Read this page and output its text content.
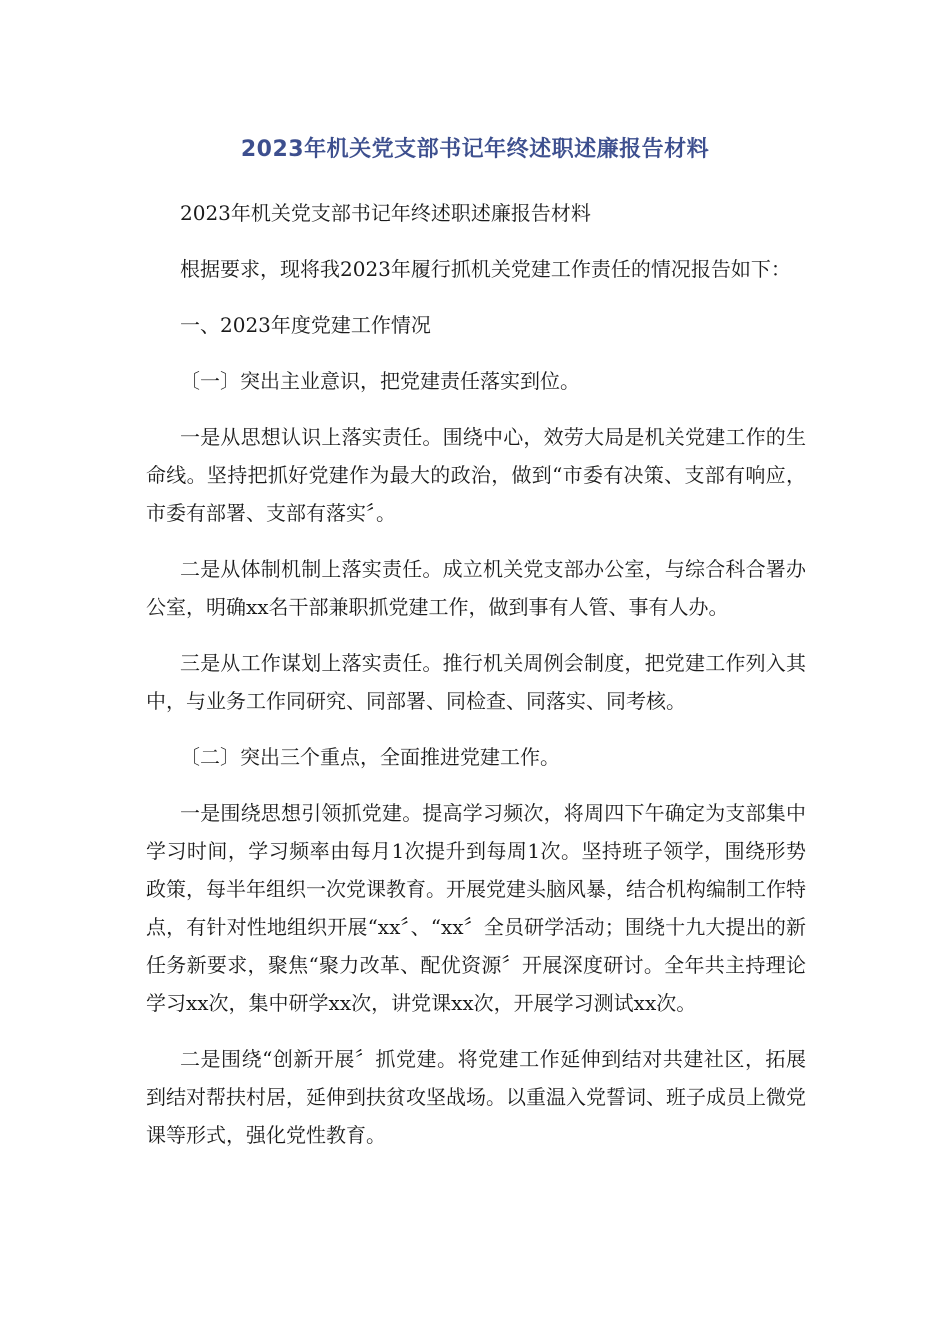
2023年机关党支部书记年终述职述廉报告材料

2023年机关党支部书记年终述职述廉报告材料

根据要求，现将我2023年履行抓机关党建工作责任的情况报告如下：

一、2023年度党建工作情况

〔一〕突出主业意识，把党建责任落实到位。

一是从思想认识上落实责任。围绕中心，效劳大局是机关党建工作的生命线。坚持把抓好党建作为最大的政治，做到“市委有决策、支部有响应，市委有部署、支部有落实〞。

二是从体制机制上落实责任。成立机关党支部办公室，与综合科合署办公室，明确xx名干部兼职抓党建工作，做到事有人管、事有人办。

三是从工作谋划上落实责任。推行机关周例会制度，把党建工作列入其中，与业务工作同研究、同部署、同检查、同落实、同考核。

〔二〕突出三个重点，全面推进党建工作。

一是围绕思想引领抓党建。提高学习频次，将周四下午确定为支部集中学习时间，学习频率由每月1次提升到每周1次。坚持班子领学，围绕形势政策，每半年组织一次党课教育。开展党建头脑风暴，结合机构编制工作特点，有针对性地组织开展“xx〞、“xx〞全员研学活动；围绕十九大提出的新任务新要求，聚焦“聚力改革、配优资源〞开展深度研讨。全年共主持理论学习xx次，集中研学xx次，讲党课xx次，开展学习测试xx次。

二是围绕“创新开展〞抓党建。将党建工作延伸到结对共建社区，拓展到结对帮扶村居，延伸到扶贫攻坚战场。以重温入党誓词、班子成员上微党课等形式，强化党性教育。
